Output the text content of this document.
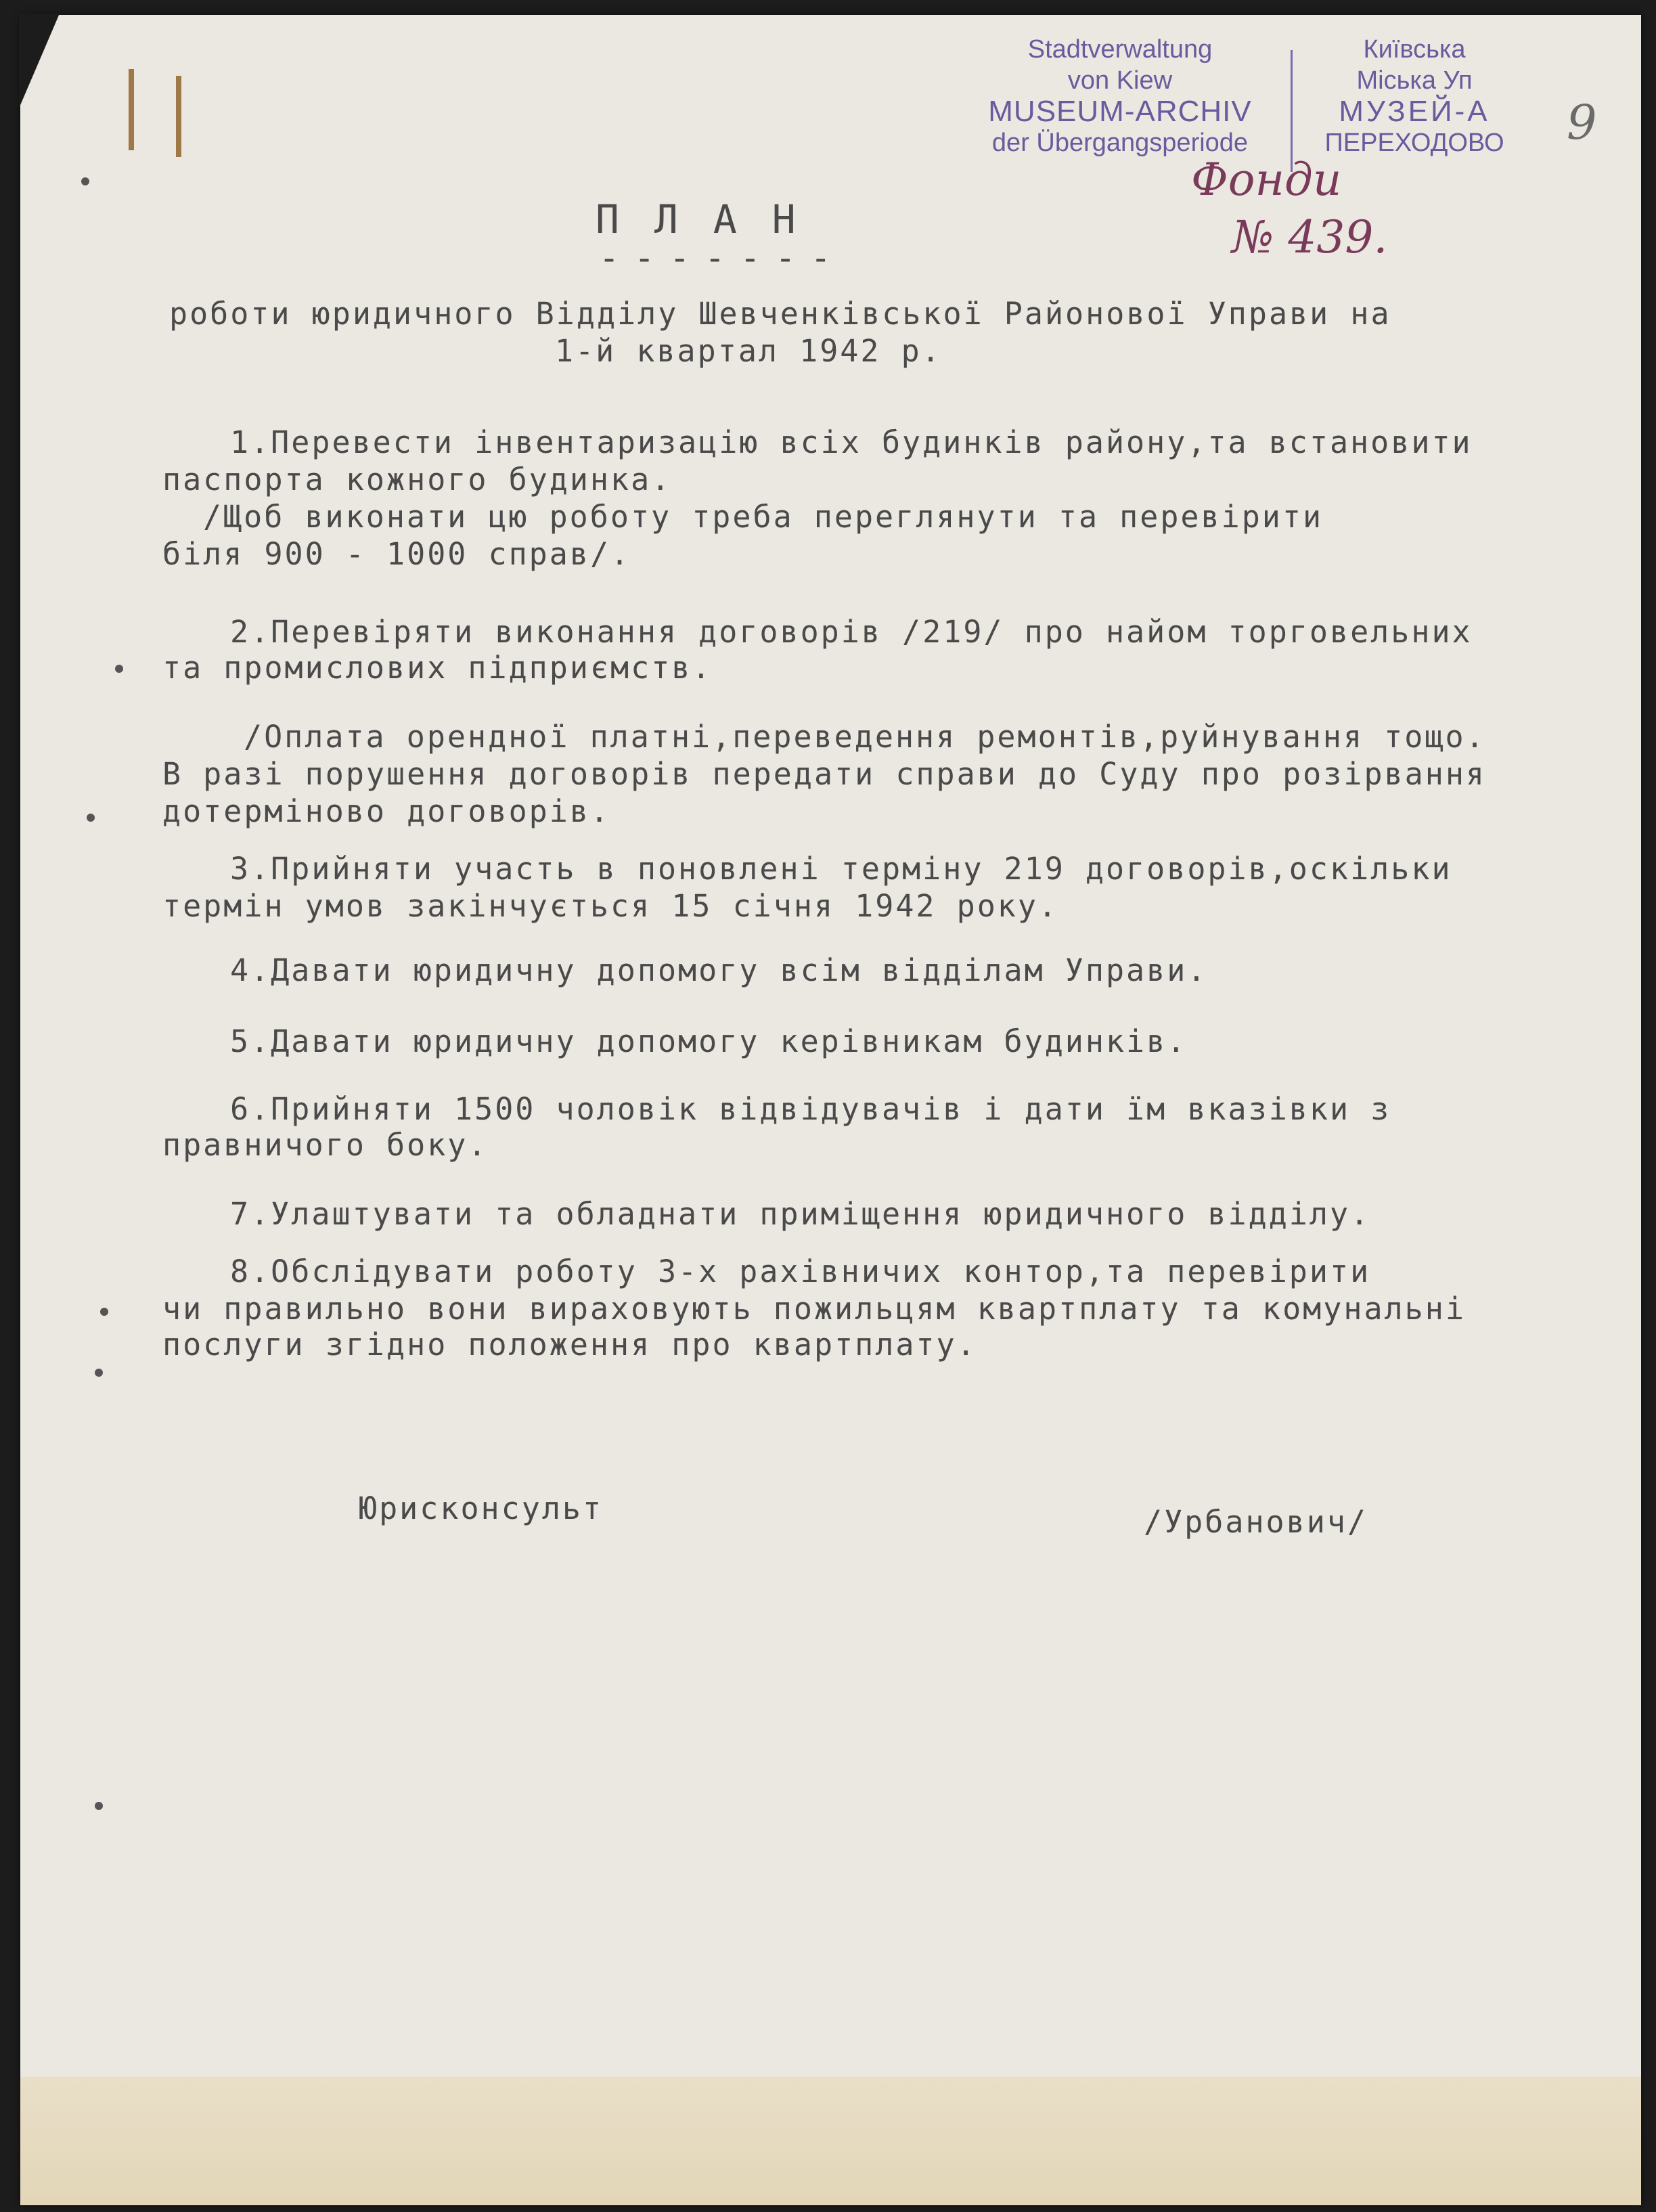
Stadtverwaltung
von Kiew
MUSEUM-ARCHIV
der Übergangsperiode
Київська
Міська Уп
МУЗЕЙ-А
ПЕРЕХОДОВО
Фонди
№ 439.
9
ПЛАН
-------
роботи юридичного Відділу Шевченківської Районової Управи на
1-й квартал 1942 р.
1.Перевести інвентаризацію всіх будинків району,та встановити
паспорта кожного будинка.
/Щоб виконати цю роботу треба переглянути та перевірити
біля 900 - 1000 справ/.
2.Перевіряти виконання договорів /219/ про найом торговельних
та промислових підприємств.
/Оплата орендної платні,переведення ремонтів,руйнування тощо.
В разі порушення договорів передати справи до Суду про розірвання
дотерміново договорів.
3.Прийняти участь в поновлені терміну 219 договорів,оскільки
термін умов закінчується 15 січня 1942 року.
4.Давати юридичну допомогу всім відділам Управи.
5.Давати юридичну допомогу керівникам будинків.
6.Прийняти 1500 чоловік відвідувачів і дати їм вказівки з
правничого боку.
7.Улаштувати та обладнати приміщення юридичного відділу.
8.Обслідувати роботу 3-х рахівничих контор,та перевірити
чи правильно вони вираховують пожильцям квартплату та комунальні
послуги згідно положення про квартплату.
Юрисконсульт	/Урбанович/
